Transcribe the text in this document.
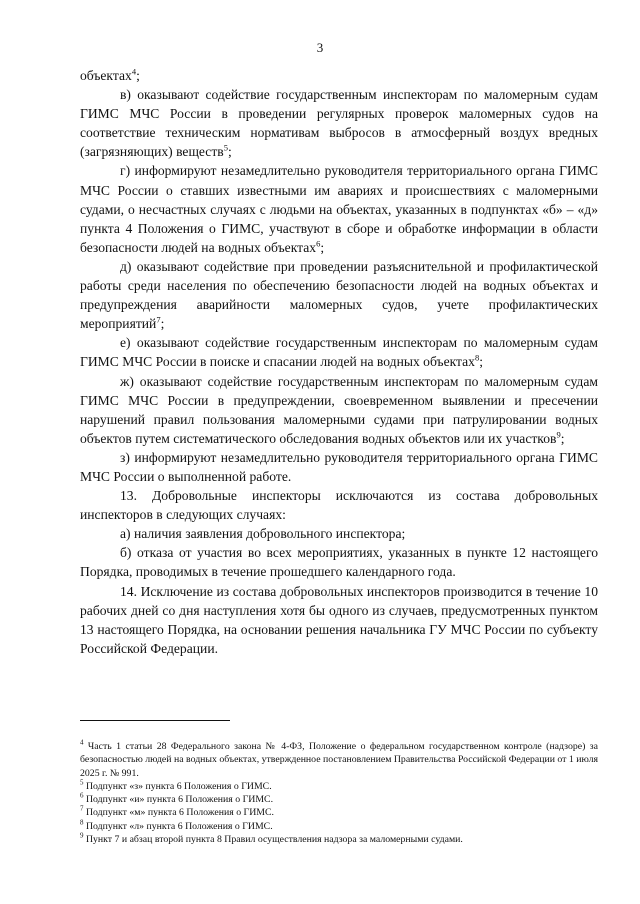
3

объектах$^4$;

в) оказывают содействие государственным инспекторам по маломерным судам ГИМС МЧС России в проведении регулярных проверок маломерных судов на соответствие техническим нормативам выбросов в атмосферный воздух вредных (загрязняющих) веществ$^5$;

г) информируют незамедлительно руководителя территориального органа ГИМС МЧС России о ставших известными им авариях и происшествиях с маломерными судами, о несчастных случаях с людьми на объектах, указанных в подпунктах «б» – «д» пункта 4 Положения о ГИМС, участвуют в сборе и обработке информации в области безопасности людей на водных объектах$^6$;

д) оказывают содействие при проведении разъяснительной и профилактической работы среди населения по обеспечению безопасности людей на водных объектах и предупреждения аварийности маломерных судов, учете профилактических мероприятий$^7$;

е) оказывают содействие государственным инспекторам по маломерным судам ГИМС МЧС России в поиске и спасании людей на водных объектах$^8$;

ж) оказывают содействие государственным инспекторам по маломерным судам ГИМС МЧС России в предупреждении, своевременном выявлении и пресечении нарушений правил пользования маломерными судами при патрулировании водных объектов путем систематического обследования водных объектов или их участков$^9$;

з) информируют незамедлительно руководителя территориального органа ГИМС МЧС России о выполненной работе.

13. Добровольные инспекторы исключаются из состава добровольных инспекторов в следующих случаях:

а) наличия заявления добровольного инспектора;

б) отказа от участия во всех мероприятиях, указанных в пункте 12 настоящего Порядка, проводимых в течение прошедшего календарного года.

14. Исключение из состава добровольных инспекторов производится в течение 10 рабочих дней со дня наступления хотя бы одного из случаев, предусмотренных пунктом 13 настоящего Порядка, на основании решения начальника ГУ МЧС России по субъекту Российской Федерации.

$^4$ Часть 1 статьи 28 Федерального закона № 4-ФЗ, Положение о федеральном государственном контроле (надзоре) за безопасностью людей на водных объектах, утвержденное постановлением Правительства Российской Федерации от 1 июля 2025 г. № 991.

$^5$ Подпункт «з» пункта 6 Положения о ГИМС.

$^6$ Подпункт «и» пункта 6 Положения о ГИМС.

$^7$ Подпункт «м» пункта 6 Положения о ГИМС.

$^8$ Подпункт «л» пункта 6 Положения о ГИМС.

$^9$ Пункт 7 и абзац второй пункта 8 Правил осуществления надзора за маломерными судами.
